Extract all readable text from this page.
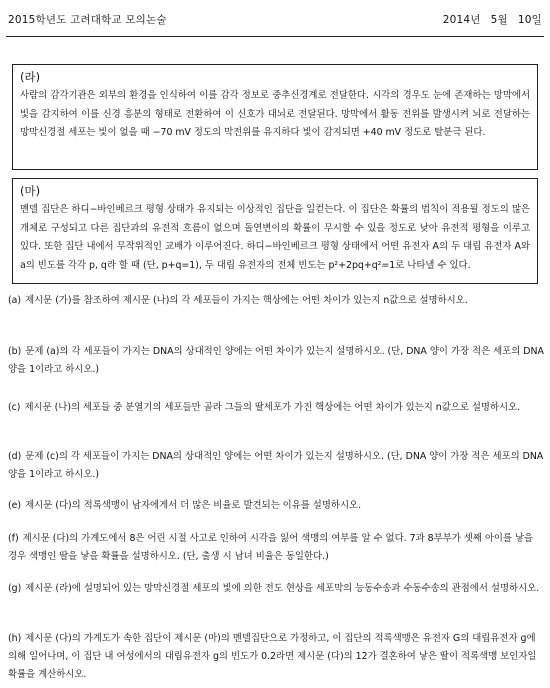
2015학년도 고려대학교 모의논술	2014년 5월 10일
(라)
사람의 감각기관은 외부의 환경을 인식하여 이를 감각 정보로 중추신경계로 전달한다. 시각의 경우도 눈에 존재하는 망막에서 빛을 감지하여 이를 신경 흥분의 형태로 전환하여 이 신호가 대뇌로 전달된다. 망막에서 활동 전위를 발생시켜 뇌로 전달하는 망막신경절 세포는 빛이 없을 때 −70 mV 정도의 막전위를 유지하다 빛이 감지되면 +40 mV 정도로 탈분극 된다.
(마)
멘델 집단은 하디−바인베르크 평형 상태가 유지되는 이상적인 집단을 일컫는다. 이 집단은 확률의 법칙이 적용될 정도의 많은 개체로 구성되고 다른 집단과의 유전적 흐름이 없으며 돌연변이의 확률이 무시할 수 있을 정도로 낮아 유전적 평형을 이루고 있다. 또한 집단 내에서 무작위적인 교배가 이루어진다. 하디−바인베르크 평형 상태에서 어떤 유전자 A의 두 대립 유전자 A와 a의 빈도를 각각 p, q라 할 때 (단, p+q=1), 두 대립 유전자의 전체 빈도는 p²+2pq+q²=1로 나타낼 수 있다.
(a) 제시문 (가)를 참조하여 제시문 (나)의 각 세포들이 가지는 핵상에는 어떤 차이가 있는지 n값으로 설명하시오.
(b) 문제 (a)의 각 세포들이 가지는 DNA의 상대적인 양에는 어떤 차이가 있는지 설명하시오. (단, DNA 양이 가장 적은 세포의 DNA 양을 1이라고 하시오.)
(c) 제시문 (나)의 세포들 중 분열기의 세포들만 골라 그들의 딸세포가 가진 핵상에는 어떤 차이가 있는지 n값으로 설명하시오.
(d) 문제 (c)의 각 세포들이 가지는 DNA의 상대적인 양에는 어떤 차이가 있는지 설명하시오. (단, DNA 양이 가장 적은 세포의 DNA 양을 1이라고 하시오.)
(e) 제시문 (다)의 적록색맹이 남자에게서 더 많은 비율로 발견되는 이유를 설명하시오.
(f) 제시문 (다)의 가계도에서 8은 어린 시절 사고로 인하여 시각을 잃어 색맹의 여부를 알 수 없다. 7과 8부부가 셋째 아이를 낳을 경우 색맹인 딸을 낳을 확률을 설명하시오. (단, 출생 시 남녀 비율은 동일한다.)
(g) 제시문 (라)에 설명되어 있는 망막신경절 세포의 빛에 의한 전도 현상을 세포막의 능동수송과 수동수송의 관점에서 설명하시오.
(h) 제시문 (다)의 가계도가 속한 집단이 제시문 (마)의 멘델집단으로 가정하고, 이 집단의 적록색맹은 유전자 G의 대립유전자 g에 의해 일어나며, 이 집단 내 여성에서의 대립유전자 g의 빈도가 0.2라면 제시문 (다)의 12가 결혼하여 낳은 딸이 적록색맹 보인자일 확률을 계산하시오.
